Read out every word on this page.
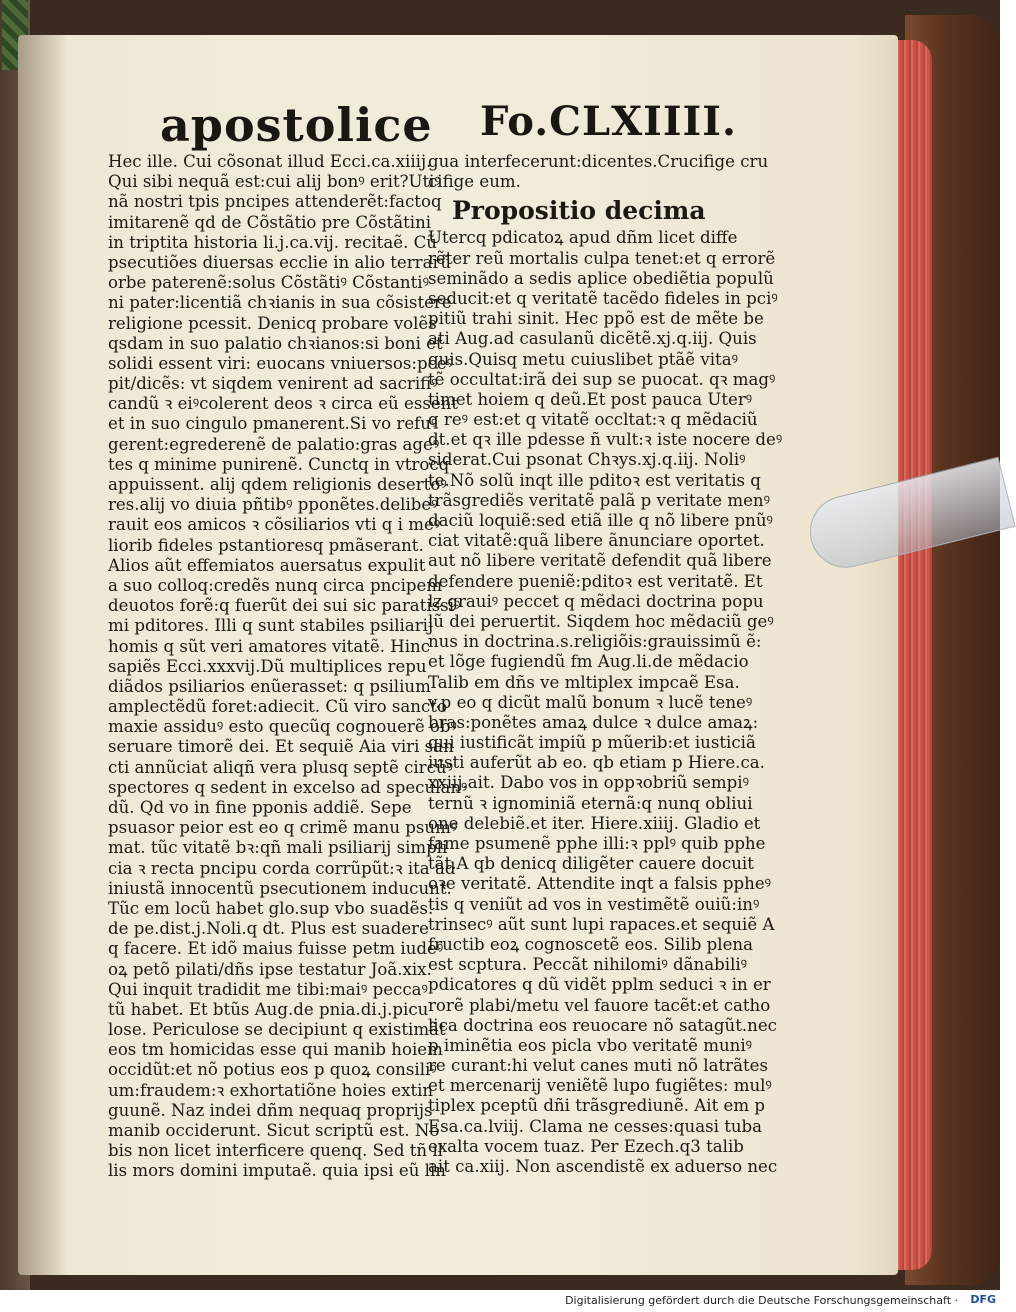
apostolice Fo.CLXIIII.
Hec ille. Cui cõsonat illud Ecci.ca.xiiij.
Qui sibi nequã est:cui alij bonꝰ erit?Utiꝰ
nã nostri tpis pncipes attenderẽt:factoq
imitarenẽ qd de Cõstãtio pre Cõstãtini
in triptita historia li.j.ca.vij. recitaẽ. Cũ
psecutiões diuersas ecclie in alio terrarũ
orbe paterenẽ:solus Cõstãtiꝰ Cõstantiꝰ
ni pater:licentiã chꝛianis in sua cõsistere
religione pcessit. Denicq probare volẽs
qsdam in suo palatio chꝛianos:si boni et
solidi essent viri: euocans vniuersos:pceꝰ
pit/dicẽs: vt siqdem venirent ad sacrifiꝰ
candũ ꝛ eiꝰcolerent deos ꝛ circa eũ essent
et in suo cingulo pmanerent.Si vo refuꝰ
gerent:egrederenẽ de palatio:gras ageꝰ
tes q minime punirenẽ. Cunctq in vtrocq
appuissent. alij qdem religionis desertoꝰ
res.alij vo diuia pñtibꝰ pponẽtes.delibeꝰ
rauit eos amicos ꝛ cõsiliarios vti q i meꝰ
liorib fideles pstantioresq pmãserant.
Alios aũt effemiatos auersatus expulit
a suo colloq:credẽs nunq circa pncipem
deuotos forẽ:q fuerũt dei sui sic paratissiꝰ
mi pditores. Illi q sunt stabiles psiliarij
homis q sũt veri amatores vitatẽ. Hinc
sapiẽs Ecci.xxxvij.Dũ multiplices repu
diãdos psiliarios enũerasset: q psilium
amplectẽdũ foret:adiecit. Cũ viro sancto
maxie assiduꝰ esto quecũq cognouerẽ obꝰ
seruare timorẽ dei. Et sequiẽ Aia viri san
cti annũciat aliqñ vera plusq septẽ circũꝰ
spectores q sedent in excelso ad speculanꝰ
dũ. Qd vo in fine pponis addiẽ. Sepe
psuasor peior est eo q crimẽ manu psumꝰ
mat. tũc vitatẽ bꝛ:qñ mali psiliarij simpli
cia ꝛ recta pncipu corda corrũpũt:ꝛ ita ad
iniustã innocentũ psecutionem inducunt.
Tũc em locũ habet glo.sup vbo suadẽs.
de pe.dist.j.Noli.q dt. Plus est suadere
q facere. Et idõ maius fuisse petm iudeꝰ
oꝝ petõ pilati/dñs ipse testatur Joã.xix.
Qui inquit tradidit me tibi:maiꝰ peccaꝰ
tũ habet. Et btũs Aug.de pnia.di.j.picu
lose. Periculose se decipiunt q existimãt
eos tm homicidas esse qui manib hoiem
occidũt:et nõ potius eos p quoꝝ consiliꝰ
um:fraudem:ꝛ exhortatiõne hoies extin
guunẽ. Naz indei dñm nequaq proprijs
manib occiderunt. Sicut scriptũ est. No
bis non licet interficere quenq. Sed tñ il
lis mors domini imputaẽ. quia ipsi eũ lin
gua interfecerunt:dicentes.Crucifige cru
cifige eum.
Propositio decima
Utercq pdicatoꝝ apud dñm licet diffe
rẽter reũ mortalis culpa tenet:et q errorẽ
seminãdo a sedis aplice obediẽtia populũ
seducit:et q veritatẽ tacẽdo fideles in pciꝰ
pitiũ trahi sinit. Hec ppõ est de mẽte be
ati Aug.ad casulanũ dicẽtẽ.xj.q.iij. Quis
quis.Quisq metu cuiuslibet ptãẽ vitaꝰ
tẽ occultat:irã dei sup se puocat. qꝛ magꝰ
timet hoiem q deũ.Et post pauca Uterꝰ
q reꝰ est:et q vitatẽ occltat:ꝛ q mẽdaciũ
dt.et qꝛ ille pdesse ñ vult:ꝛ iste nocere deꝰ
siderat.Cui psonat Chꝛys.xj.q.iij. Noliꝰ
te.Nõ solũ inqt ille pditoꝛ est veritatis q
trãsgrediẽs veritatẽ palã p veritate menꝰ
daciũ loquiẽ:sed etiã ille q nõ libere pnũꝰ
ciat vitatẽ:quã libere ãnunciare oportet.
aut nõ libere veritatẽ defendit quã libere
defendere pueniẽ:pditoꝛ est veritatẽ. Et
lz grauiꝰ peccet q mẽdaci doctrina popu
lũ dei peruertit. Siqdem hoc mẽdaciũ geꝰ
nus in doctrina.s.religiõis:grauissimũ ẽ:
et lõge fugiendũ fm Aug.li.de mẽdacio
Talib em dñs ve mltiplex impcaẽ Esa.
v.p eo q dicũt malũ bonum ꝛ lucẽ teneꝰ
bras:ponẽtes amaꝝ dulce ꝛ dulce amaꝝ:
qui iustificãt impiũ p mũerib:et iusticiã
iusti auferũt ab eo. qb etiam p Hiere.ca.
xxiij.ait. Dabo vos in oppꝛobriũ sempiꝰ
ternũ ꝛ ignominiã eternã:q nunq obliui
one delebiẽ.et iter. Hiere.xiiij. Gladio et
fame psumenẽ pphe illi:ꝛ pplꝰ quib pphe
tãt.A qb denicq diligẽter cauere docuit
oꝛe veritatẽ. Attendite inqt a falsis ppheꝰ
tis q veniũt ad vos in vestimẽtẽ ouiũ:inꝰ
trinsecꝰ aũt sunt lupi rapaces.et sequiẽ A
fructib eoꝝ cognoscetẽ eos. Silib plena
est scptura. Peccãt nihilomiꝰ dãnabiliꝰ
pdicatores q dũ vidẽt pplm seduci ꝛ in er
rorẽ plabi/metu vel fauore tacẽt:et catho
lica doctrina eos reuocare nõ satagũt.nec
p iminẽtia eos picla vbo veritatẽ muniꝰ
re curant:hi velut canes muti nõ latrãtes
et mercenarij veniẽtẽ lupo fugiẽtes: mulꝰ
tiplex pceptũ dñi trãsgrediunẽ. Ait em p
Esa.ca.lviij. Clama ne cesses:quasi tuba
exalta vocem tuaz. Per Ezech.q3 talib
ait ca.xiij. Non ascendistẽ ex aduerso nec
Digitalisierung gefördert durch die Deutsche Forschungsgemeinschaft · DFG
